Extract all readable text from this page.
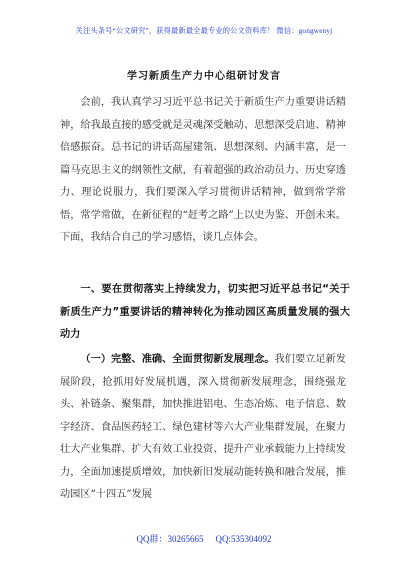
关注头条号“公文研究”，获得最新最全最专业的公文资料库！ 微信：gongwenyj
学习新质生产力中心组研讨发言
会前，我认真学习习近平总书记关于新质生产力重要讲话精神，给我最直接的感受就是灵魂深受触动、思想深受启迪、精神倍感振奋。总书记的讲话高屋建瓴、思想深刻、内涵丰富，是一篇马克思主义的纲领性文献，有着超强的政治动员力、历史穿透力、理论说服力，我们要深入学习贯彻讲话精神，做到常学常悟，常学常做，在新征程的“赶考之路”上以史为鉴、开创未来。下面，我结合自己的学习感悟，谈几点体会。
一、要在贯彻落实上持续发力，切实把习近平总书记“关于新质生产力”重要讲话的精神转化为推动园区高质量发展的强大动力
（一）完整、准确、全面贯彻新发展理念。我们要立足新发展阶段，抢抓用好发展机遇，深入贯彻新发展理念，围绕强龙头、补链条、聚集群，加快推进铝电、生态冶炼、电子信息、数字经济、食品医药轻工、绿色建材等六大产业集群发展，在聚力壮大产业集群、扩大有效工业投资、提升产业承载能力上持续发力，全面加速提质增效，加快新旧发展动能转换和融合发展，推动园区“十四五”发展
QQ群：30265665 QQ:535304092
